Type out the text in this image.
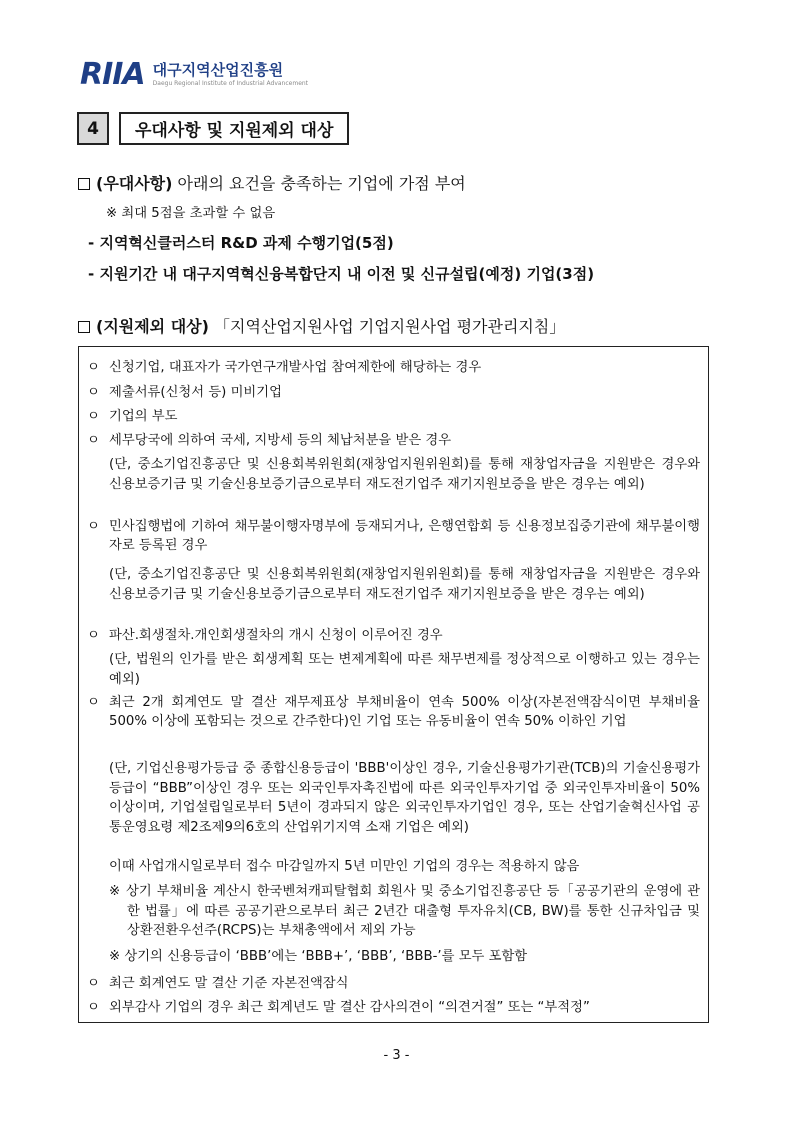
RIIA 대구지역산업진흥원
Daegu Regional Institute of Industrial Advancement
4	우대사항 및 지원제외 대상
(우대사항) 아래의 요건을 충족하는 기업에 가점 부여
※ 최대 5점을 초과할 수 없음
- 지역혁신클러스터 R&D 과제 수행기업(5점)
- 지원기간 내 대구지역혁신융복합단지 내 이전 및 신규설립(예정) 기업(3점)
(지원제외 대상) 「지역산업지원사업 기업지원사업 평가관리지침」
ㅇ 신청기업, 대표자가 국가연구개발사업 참여제한에 해당하는 경우
ㅇ 제출서류(신청서 등) 미비기업
ㅇ 기업의 부도
ㅇ 세무당국에 의하여 국세, 지방세 등의 체납처분을 받은 경우
(단, 중소기업진흥공단 및 신용회복위원회(재창업지원위원회)를 통해 재창업자금을 지원받은 경우와 신용보증기금 및 기술신용보증기금으로부터 재도전기업주 재기지원보증을 받은 경우는 예외)
ㅇ 민사집행법에 기하여 채무불이행자명부에 등재되거나, 은행연합회 등 신용정보집중기관에 채무불이행자로 등록된 경우
(단, 중소기업진흥공단 및 신용회복위원회(재창업지원위원회)를 통해 재창업자금을 지원받은 경우와 신용보증기금 및 기술신용보증기금으로부터 재도전기업주 재기지원보증을 받은 경우는 예외)
ㅇ 파산.회생절차.개인회생절차의 개시 신청이 이루어진 경우
(단, 법원의 인가를 받은 회생계획 또는 변제계획에 따른 채무변제를 정상적으로 이행하고 있는 경우는 예외)
ㅇ 최근 2개 회계연도 말 결산 재무제표상 부채비율이 연속 500% 이상(자본전액잠식이면 부채비율 500% 이상에 포함되는 것으로 간주한다)인 기업 또는 유동비율이 연속 50% 이하인 기업
(단, 기업신용평가등급 중 종합신용등급이 'BBB'이상인 경우, 기술신용평가기관(TCB)의 기술신용평가 등급이 “BBB”이상인 경우 또는 외국인투자촉진법에 따른 외국인투자기업 중 외국인투자비율이 50%이상이며, 기업설립일로부터 5년이 경과되지 않은 외국인투자기업인 경우, 또는 산업기술혁신사업 공통운영요령 제2조제9의6호의 산업위기지역 소재 기업은 예외)
이때 사업개시일로부터 접수 마감일까지 5년 미만인 기업의 경우는 적용하지 않음
※ 상기 부채비율 계산시 한국벤쳐캐피탈협회 회원사 및 중소기업진흥공단 등「공공기관의 운영에 관한 법률」에 따른 공공기관으로부터 최근 2년간 대출형 투자유치(CB, BW)를 통한 신규차입금 및 상환전환우선주(RCPS)는 부채총액에서 제외 가능
※ 상기의 신용등급이 ‘BBB’에는 ‘BBB+’, ‘BBB’, ‘BBB-’를 모두 포함함
ㅇ 최근 회계연도 말 결산 기준 자본전액잠식
ㅇ 외부감사 기업의 경우 최근 회계년도 말 결산 감사의견이 “의견거절” 또는 “부적정”
- 3 -
